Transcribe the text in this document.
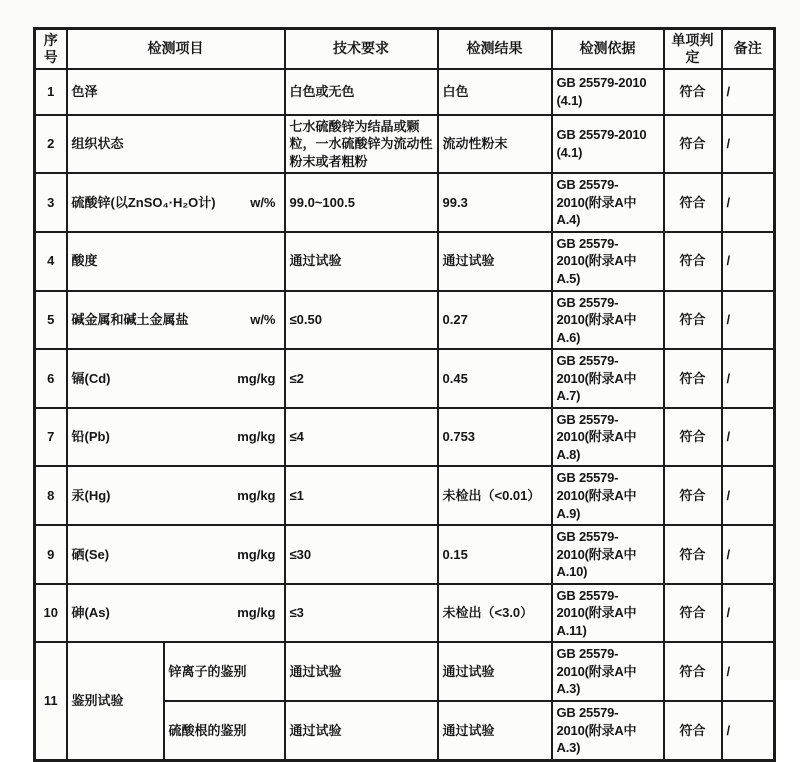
序号	检测项目		技术要求	检测结果	检测依据	单项判定	备注
1	色泽		白色或无色	白色	GB 25579-2010 (4.1)	符合	/
2	组织状态		七水硫酸锌为结晶或颗粒，一水硫酸锌为流动性粉末或者粗粉	流动性粉末	GB 25579-2010 (4.1)	符合	/
3	硫酸锌(以ZnSO₄·H₂O计) w/%		99.0~100.5	99.3	GB 25579-2010(附录A中A.4)	符合	/
4	酸度		通过试验	通过试验	GB 25579-2010(附录A中A.5)	符合	/
5	碱金属和碱土金属盐 w/%		≤0.50	0.27	GB 25579-2010(附录A中A.6)	符合	/
6	镉(Cd) mg/kg		≤2	0.45	GB 25579-2010(附录A中A.7)	符合	/
7	铅(Pb) mg/kg		≤4	0.753	GB 25579-2010(附录A中A.8)	符合	/
8	汞(Hg) mg/kg		≤1	未检出（<0.01）	GB 25579-2010(附录A中A.9)	符合	/
9	硒(Se) mg/kg		≤30	0.15	GB 25579-2010(附录A中A.10)	符合	/
10	砷(As) mg/kg		≤3	未检出（<3.0）	GB 25579-2010(附录A中A.11)	符合	/
11	鉴别试验	锌离子的鉴别	通过试验	通过试验	GB 25579-2010(附录A中A.3)	符合	/
		硫酸根的鉴别	通过试验	通过试验	GB 25579-2010(附录A中A.3)	符合	/
